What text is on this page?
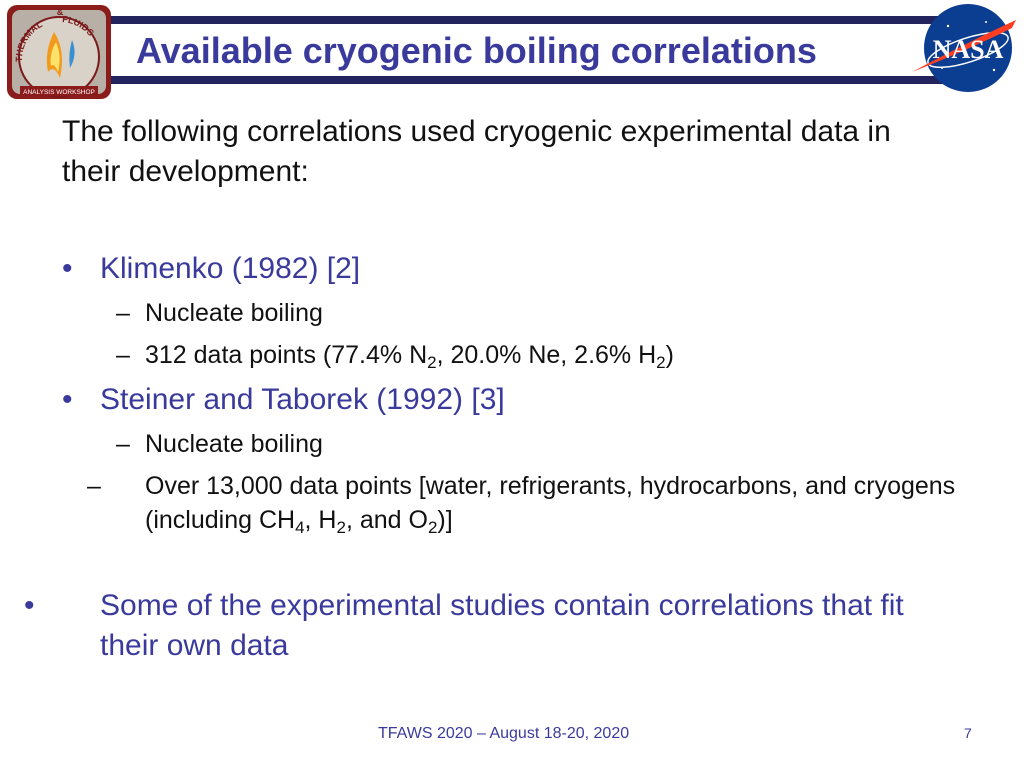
Available cryogenic boiling correlations
THERMAL FLUIDS
&
ANALYSIS WORKSHOP
NASA
The following correlations used cryogenic experimental data in their development:
• Klimenko (1982) [2]
– Nucleate boiling
– 312 data points (77.4% $N_2$, 20.0% Ne, 2.6% $H_2$)
• Steiner and Taborek (1992) [3]
– Nucleate boiling
– Over 13,000 data points [water, refrigerants, hydrocarbons, and cryogens (including $CH_4$, $H_2$, and $O_2$)]
• Some of the experimental studies contain correlations that fit their own data
TFAWS 2020 – August 18-20, 2020	7
